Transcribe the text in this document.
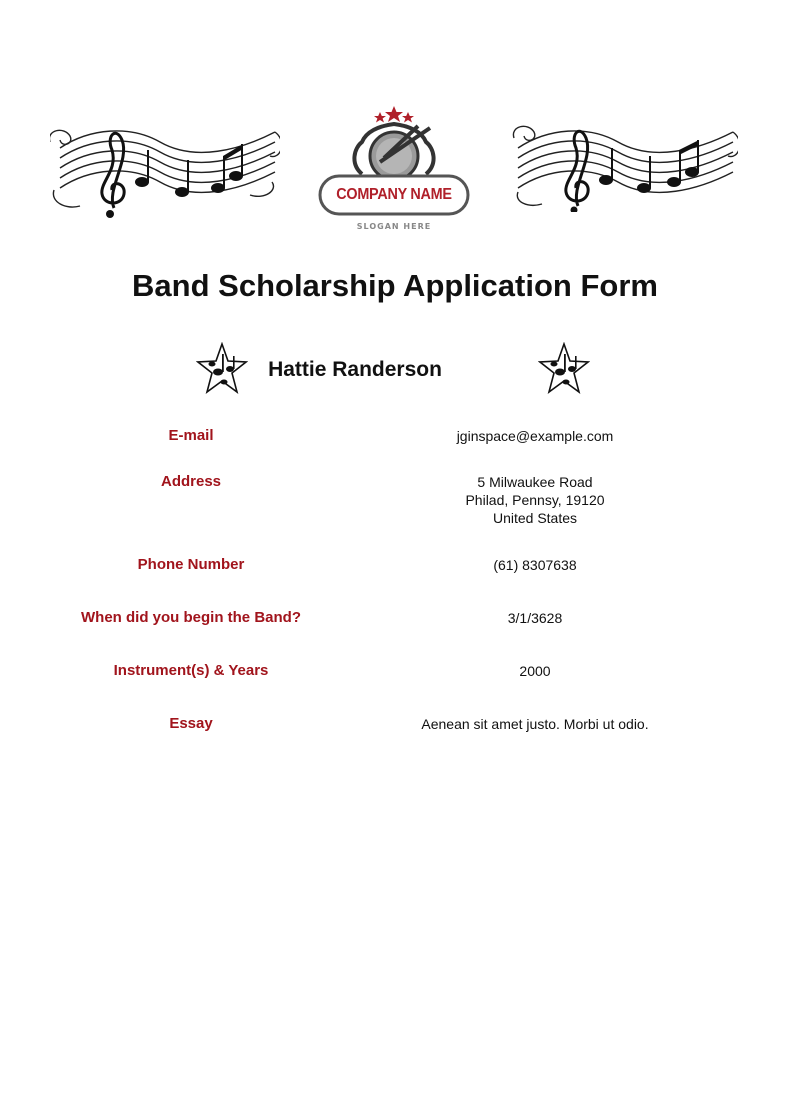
COMPANY NAME
SLOGAN HERE
Band Scholarship Application Form
Hattie Randerson
E-mail	jginspace@example.com
Address	5 Milwaukee Road
Philad, Pennsy, 19120
United States
Phone Number	(61) 8307638
When did you begin the Band?	3/1/3628
Instrument(s) & Years	2000
Essay	Aenean sit amet justo. Morbi ut odio.
